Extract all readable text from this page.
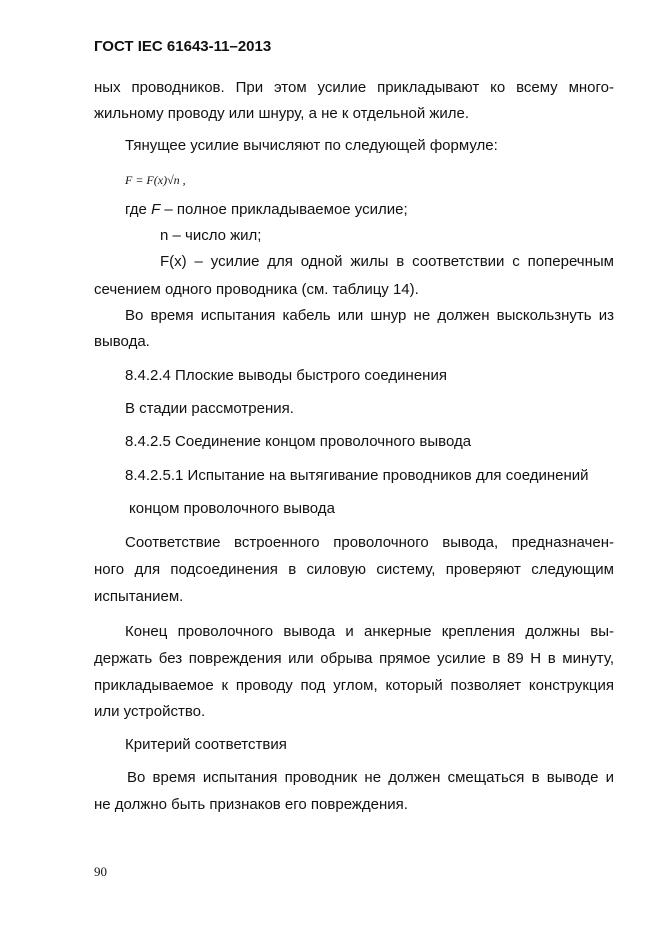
ГОСТ IEC 61643-11–2013
ных проводников. При этом усилие прикладывают ко всему много-
жильному проводу или шнуру, а не к отдельной жиле.
Тянущее усилие вычисляют по следующей формуле:
F = F(x)√n ,
где F – полное прикладываемое усилие;
n – число жил;
F(x) – усилие для одной жилы в соответствии с поперечным
сечением одного проводника (см. таблицу 14).
Во время испытания кабель или шнур не должен выскользнуть из
вывода.
8.4.2.4 Плоские выводы быстрого соединения
В стадии рассмотрения.
8.4.2.5 Соединение концом проволочного вывода
8.4.2.5.1 Испытание на вытягивание проводников для соединений
концом проволочного вывода
Соответствие встроенного проволочного вывода, предназначен-
ного для подсоединения в силовую систему, проверяют следующим
испытанием.
Конец проволочного вывода и анкерные крепления должны вы-
держать без повреждения или обрыва прямое усилие в 89 Н в минуту,
прикладываемое к проводу под углом, который позволяет конструкция
или устройство.
Критерий соответствия
Во время испытания проводник не должен смещаться в выводе и
не должно быть признаков его повреждения.
90
